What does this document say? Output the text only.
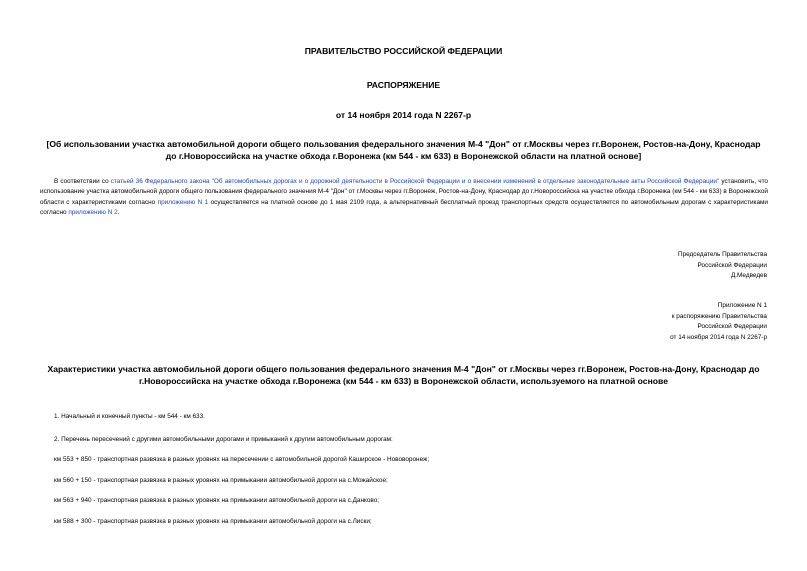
ПРАВИТЕЛЬСТВО РОССИЙСКОЙ ФЕДЕРАЦИИ
РАСПОРЯЖЕНИЕ
от 14 ноября 2014 года N 2267-р
[Об использовании участка автомобильной дороги общего пользования федерального значения М-4 "Дон" от г.Москвы через гг.Воронеж, Ростов-на-Дону, Краснодар до г.Новороссийска на участке обхода г.Воронежа (км 544 - км 633) в Воронежской области на платной основе]
В соответствии со статьей 36 Федерального закона "Об автомобильных дорогах и о дорожной деятельности в Российской Федерации и о внесении изменений в отдельные законодательные акты Российской Федерации" установить, что использование участка автомобильной дороги общего пользования федерального значения М-4 "Дон" от г.Москвы через гг.Воронеж, Ростов-на-Дону, Краснодар до г.Новороссийска на участке обхода г.Воронежа (км 544 - км 633) в Воронежской области с характеристиками согласно приложению N 1 осуществляется на платной основе до 1 мая 2109 года, а альтернативный бесплатный проезд транспортных средств осуществляется по автомобильным дорогам с характеристиками согласно приложению N 2.
Председатель Правительства
Российской Федерации
Д.Медведев
Приложение N 1
к распоряжению Правительства
Российской Федерации
от 14 ноября 2014 года N 2267-р
Характеристики участка автомобильной дороги общего пользования федерального значения М-4 "Дон" от г.Москвы через гг.Воронеж, Ростов-на-Дону, Краснодар до г.Новороссийска на участке обхода г.Воронежа (км 544 - км 633) в Воронежской области, используемого на платной основе
1. Начальный и конечный пункты - км 544 - км 633.
2. Перечень пересечений с другими автомобильными дорогами и примыканий к другим автомобильным дорогам:
км 553 + 850 - транспортная развязка в разных уровнях на пересечении с автомобильной дорогой Каширское - Нововоронеж;
км 560 + 150 - транспортная развязка в разных уровнях на примыкании автомобильной дороги на с.Можайское;
км 563 + 940 - транспортная развязка в разных уровнях на примыкании автомобильной дороги на с.Данково;
км 588 + 300 - транспортная развязка в разных уровнях на примыкании автомобильной дороги на с.Лиски;
